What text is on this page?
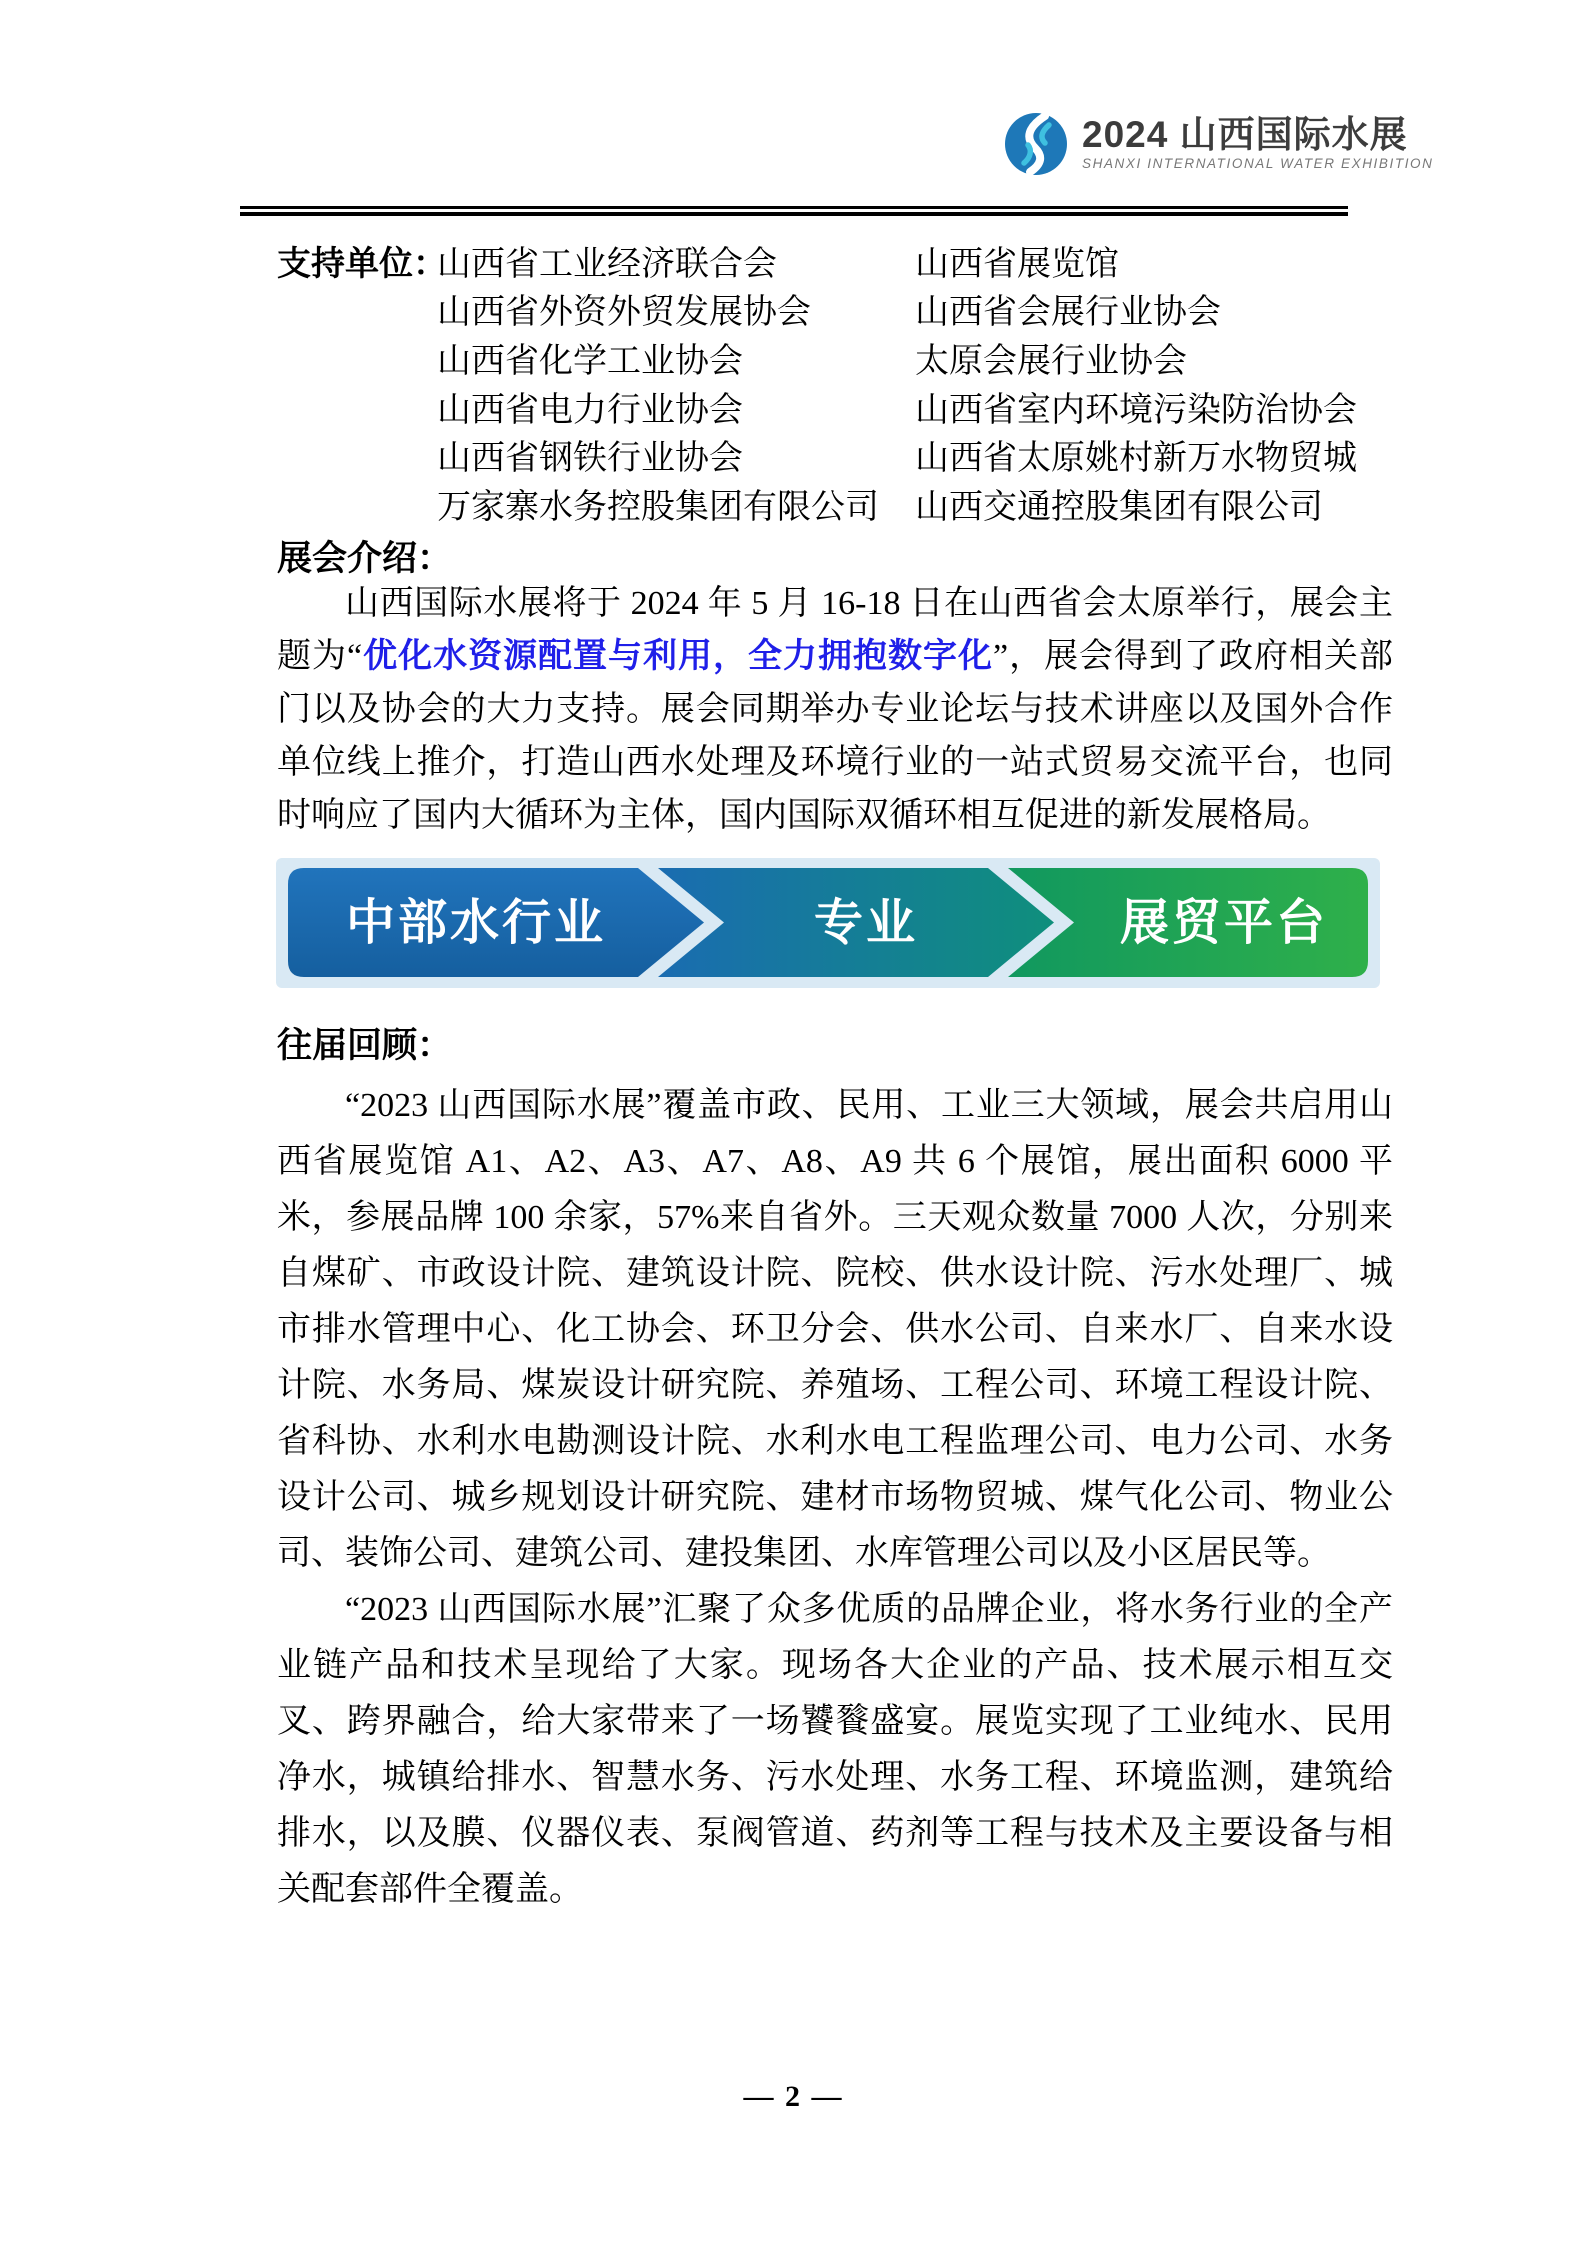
2024 山西国际水展
SHANXI INTERNATIONAL WATER EXHIBITION
支持单位：
山西省工业经济联合会	山西省展览馆
山西省外资外贸发展协会	山西省会展行业协会
山西省化学工业协会	太原会展行业协会
山西省电力行业协会	山西省室内环境污染防治协会
山西省钢铁行业协会	山西省太原姚村新万水物贸城
万家寨水务控股集团有限公司	山西交通控股集团有限公司
展会介绍：
山西国际水展将于 2024 年 5 月 16-18 日在山西省会太原举行，展会主题为“优化水资源配置与利用，全力拥抱数字化”，展会得到了政府相关部门以及协会的大力支持。展会同期举办专业论坛与技术讲座以及国外合作单位线上推介，打造山西水处理及环境行业的一站式贸易交流平台，也同时响应了国内大循环为主体，国内国际双循环相互促进的新发展格局。
中部水行业	专业	展贸平台
往届回顾：

“2023 山西国际水展”覆盖市政、民用、工业三大领域，展会共启用山西省展览馆 A1、A2、A3、A7、A8、A9 共 6 个展馆，展出面积 6000 平米，参展品牌 100 余家，57%来自省外。三天观众数量 7000 人次，分别来自煤矿、市政设计院、建筑设计院、院校、供水设计院、污水处理厂、城市排水管理中心、化工协会、环卫分会、供水公司、自来水厂、自来水设计院、水务局、煤炭设计研究院、养殖场、工程公司、环境工程设计院、省科协、水利水电勘测设计院、水利水电工程监理公司、电力公司、水务设计公司、城乡规划设计研究院、建材市场物贸城、煤气化公司、物业公司、装饰公司、建筑公司、建投集团、水库管理公司以及小区居民等。

“2023 山西国际水展”汇聚了众多优质的品牌企业，将水务行业的全产业链产品和技术呈现给了大家。现场各大企业的产品、技术展示相互交叉、跨界融合，给大家带来了一场饕餮盛宴。展览实现了工业纯水、民用净水，城镇给排水、智慧水务、污水处理、水务工程、环境监测，建筑给排水，以及膜、仪器仪表、泵阀管道、药剂等工程与技术及主要设备与相关配套部件全覆盖。

— 2 —
